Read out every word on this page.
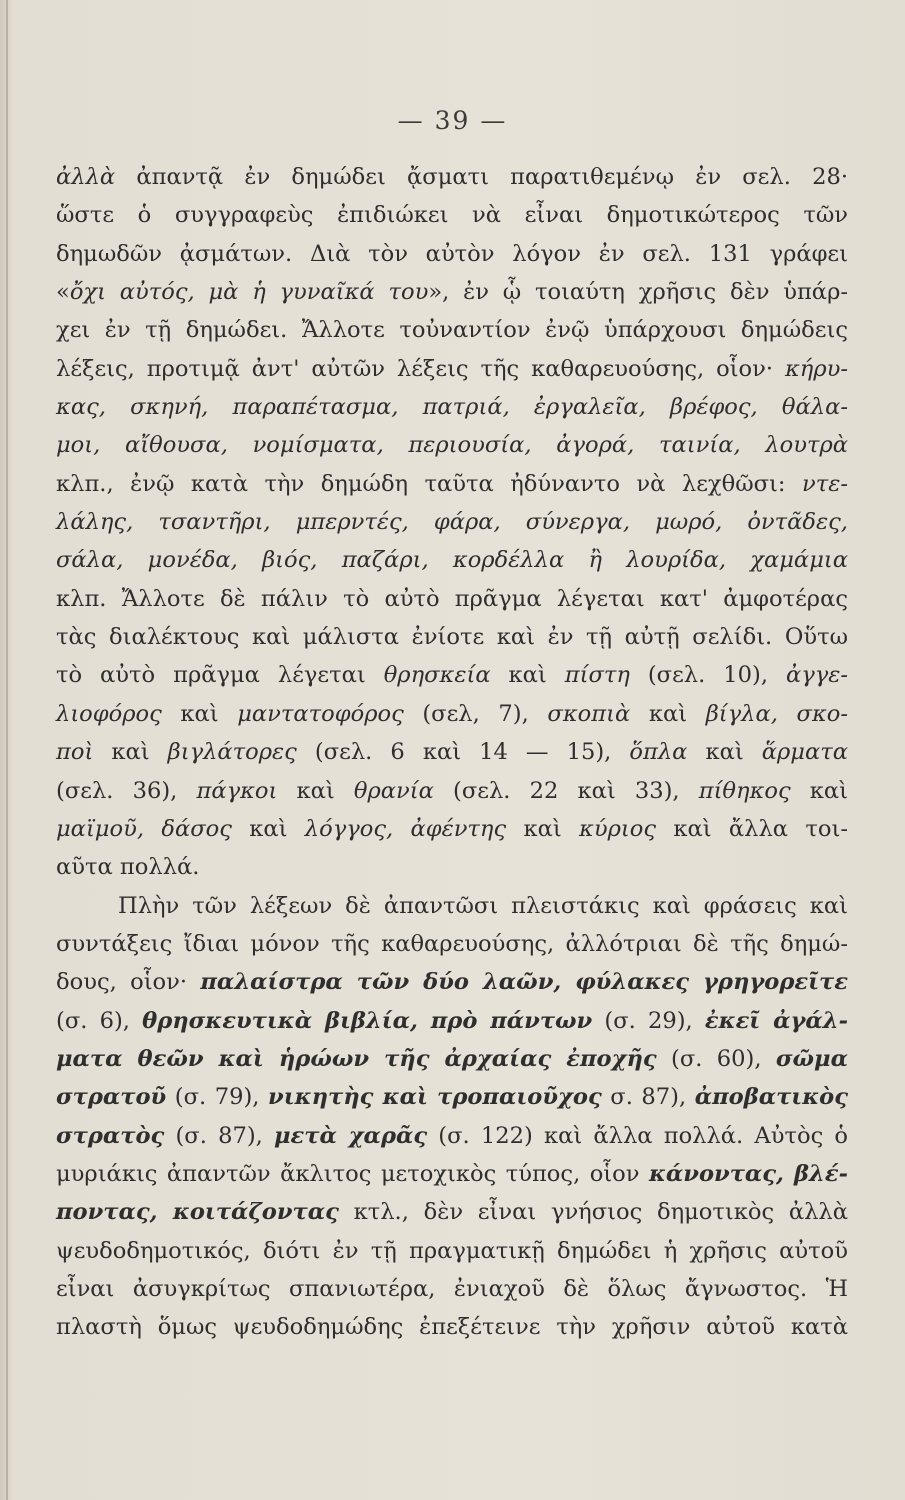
— 39 —
ἀλλὰ ἀπαντᾷ ἐν δημώδει ᾄσματι παρατιθεμένῳ ἐν σελ. 28·
ὥστε ὁ συγγραφεὺς ἐπιδιώκει νὰ εἶναι δημοτικώτερος τῶν
δημωδῶν ᾀσμάτων. Διὰ τὸν αὐτὸν λόγον ἐν σελ. 131 γράφει
«ὄχι αὐτός, μὰ ἡ γυναῖκά του», ἐν ᾧ τοιαύτη χρῆσις δὲν ὑπάρ-
χει ἐν τῇ δημώδει. Ἄλλοτε τοὐναντίον ἐνῷ ὑπάρχουσι δημώδεις
λέξεις, προτιμᾷ ἀντ' αὐτῶν λέξεις τῆς καθαρευούσης, οἷον· κήρυ-
κας, σκηνή, παραπέτασμα, πατριά, ἐργαλεῖα, βρέφος, θάλα-
μοι, αἴθουσα, νομίσματα, περιουσία, ἀγορά, ταινία, λουτρὰ
κλπ., ἐνῷ κατὰ τὴν δημώδη ταῦτα ἠδύναντο νὰ λεχθῶσι: ντε-
λάλης, τσαντῆρι, μπερντές, φάρα, σύνεργα, μωρό, ὀντᾶδες,
σάλα, μονέδα, βιός, παζάρι, κορδέλλα ἢ λουρίδα, χαμάμια
κλπ. Ἄλλοτε δὲ πάλιν τὸ αὐτὸ πρᾶγμα λέγεται κατ' ἀμφοτέρας
τὰς διαλέκτους καὶ μάλιστα ἐνίοτε καὶ ἐν τῇ αὐτῇ σελίδι. Οὕτω
τὸ αὐτὸ πρᾶγμα λέγεται θρησκεία καὶ πίστη (σελ. 10), ἀγγε-
λιοφόρος καὶ μαντατοφόρος (σελ, 7), σκοπιὰ καὶ βίγλα, σκο-
ποὶ καὶ βιγλάτορες (σελ. 6 καὶ 14 — 15), ὅπλα καὶ ἅρματα
(σελ. 36), πάγκοι καὶ θρανία (σελ. 22 καὶ 33), πίθηκος καὶ
μαϊμοῦ, δάσος καὶ λόγγος, ἀφέντης καὶ κύριος καὶ ἄλλα τοι-
αῦτα πολλά.
Πλὴν τῶν λέξεων δὲ ἀπαντῶσι πλειστάκις καὶ φράσεις καὶ
συντάξεις ἴδιαι μόνον τῆς καθαρευούσης, ἀλλότριαι δὲ τῆς δημώ-
δους, οἷον· παλαίστρα τῶν δύο λαῶν, φύλακες γρηγορεῖτε
(σ. 6), θρησκευτικὰ βιβλία, πρὸ πάντων (σ. 29), ἐκεῖ ἀγάλ-
ματα θεῶν καὶ ἡρώων τῆς ἀρχαίας ἐποχῆς (σ. 60), σῶμα
στρατοῦ (σ. 79), νικητὴς καὶ τροπαιοῦχος σ. 87), ἀποβατικὸς
στρατὸς (σ. 87), μετὰ χαρᾶς (σ. 122) καὶ ἄλλα πολλά. Αὐτὸς ὁ
μυριάκις ἀπαντῶν ἄκλιτος μετοχικὸς τύπος, οἷον κάνοντας, βλέ-
ποντας, κοιτάζοντας κτλ., δὲν εἶναι γνήσιος δημοτικὸς ἀλλὰ
ψευδοδημοτικός, διότι ἐν τῇ πραγματικῇ δημώδει ἡ χρῆσις αὐτοῦ
εἶναι ἀσυγκρίτως σπανιωτέρα, ἐνιαχοῦ δὲ ὅλως ἄγνωστος. Ἡ
πλαστὴ ὅμως ψευδοδημώδης ἐπεξέτεινε τὴν χρῆσιν αὐτοῦ κατὰ
